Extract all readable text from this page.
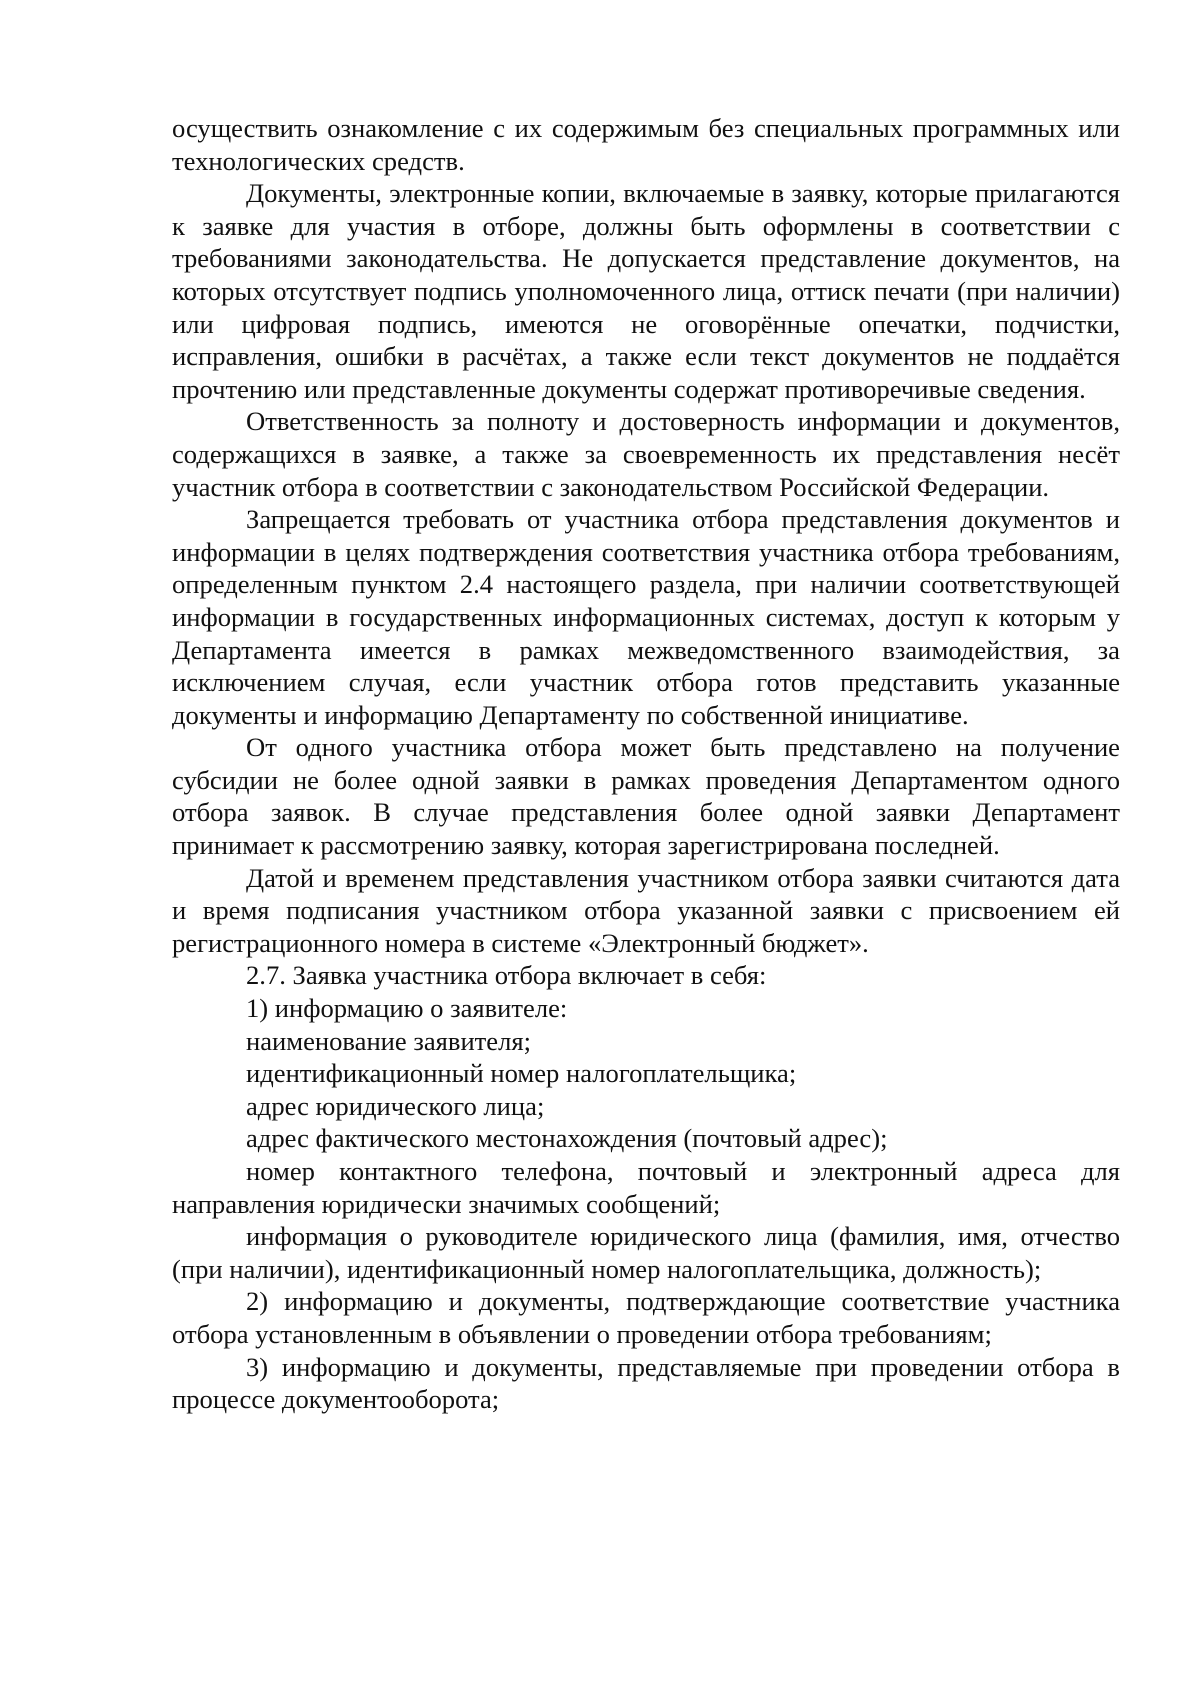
осуществить ознакомление с их содержимым без специальных программных или технологических средств.

Документы, электронные копии, включаемые в заявку, которые прилагаются к заявке для участия в отборе, должны быть оформлены в соответствии с требованиями законодательства. Не допускается представление документов, на которых отсутствует подпись уполномоченного лица, оттиск печати (при наличии) или цифровая подпись, имеются не оговорённые опечатки, подчистки, исправления, ошибки в расчётах, а также если текст документов не поддаётся прочтению или представленные документы содержат противоречивые сведения.

Ответственность за полноту и достоверность информации и документов, содержащихся в заявке, а также за своевременность их представления несёт участник отбора в соответствии с законодательством Российской Федерации.

Запрещается требовать от участника отбора представления документов и информации в целях подтверждения соответствия участника отбора требованиям, определенным пунктом 2.4 настоящего раздела, при наличии соответствующей информации в государственных информационных системах, доступ к которым у Департамента имеется в рамках межведомственного взаимодействия, за исключением случая, если участник отбора готов представить указанные документы и информацию Департаменту по собственной инициативе.

От одного участника отбора может быть представлено на получение субсидии не более одной заявки в рамках проведения Департаментом одного отбора заявок. В случае представления более одной заявки Департамент принимает к рассмотрению заявку, которая зарегистрирована последней.

Датой и временем представления участником отбора заявки считаются дата и время подписания участником отбора указанной заявки с присвоением ей регистрационного номера в системе «Электронный бюджет».

2.7. Заявка участника отбора включает в себя:

1) информацию о заявителе:

наименование заявителя;

идентификационный номер налогоплательщика;

адрес юридического лица;

адрес фактического местонахождения (почтовый адрес);

номер контактного телефона, почтовый и электронный адреса для направления юридически значимых сообщений;

информация о руководителе юридического лица (фамилия, имя, отчество (при наличии), идентификационный номер налогоплательщика, должность);

2) информацию и документы, подтверждающие соответствие участника отбора установленным в объявлении о проведении отбора требованиям;

3) информацию и документы, представляемые при проведении отбора в процессе документооборота;
